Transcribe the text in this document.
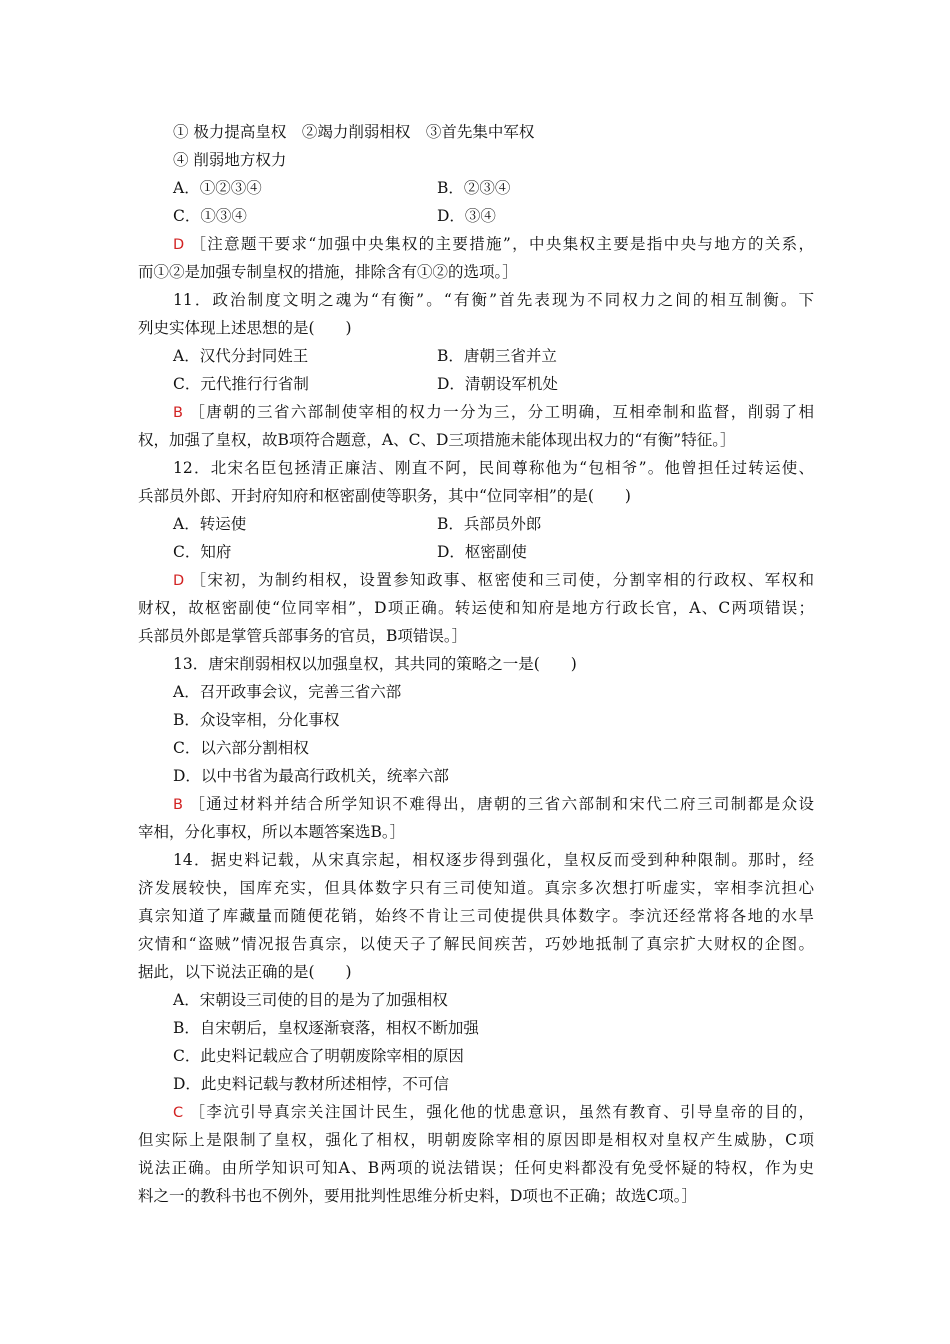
① 极力提高皇权　②竭力削弱相权　③首先集中军权
④ 削弱地方权力
A．①②③④	B．②③④
C．①③④	D．③④
D ［注意题干要求“加强中央集权的主要措施”，中央集权主要是指中央与地方的关系，
而①②是加强专制皇权的措施，排除含有①②的选项。］
11．政治制度文明之魂为“有衡”。“有衡”首先表现为不同权力之间的相互制衡。下
列史实体现上述思想的是(　　)
A．汉代分封同姓王	B．唐朝三省并立
C．元代推行行省制	D．清朝设军机处
B ［唐朝的三省六部制使宰相的权力一分为三，分工明确，互相牵制和监督，削弱了相
权，加强了皇权，故B项符合题意，A、C、D三项措施未能体现出权力的“有衡”特征。］
12．北宋名臣包拯清正廉洁、刚直不阿，民间尊称他为“包相爷”。他曾担任过转运使、
兵部员外郎、开封府知府和枢密副使等职务，其中“位同宰相”的是(　　)
A．转运使	B．兵部员外郎
C．知府	D．枢密副使
D ［宋初，为制约相权，设置参知政事、枢密使和三司使，分割宰相的行政权、军权和
财权，故枢密副使“位同宰相”，D项正确。转运使和知府是地方行政长官，A、C两项错误；
兵部员外郎是掌管兵部事务的官员，B项错误。］
13．唐宋削弱相权以加强皇权，其共同的策略之一是(　　)
A．召开政事会议，完善三省六部
B．众设宰相，分化事权
C．以六部分割相权
D．以中书省为最高行政机关，统率六部
B ［通过材料并结合所学知识不难得出，唐朝的三省六部制和宋代二府三司制都是众设
宰相，分化事权，所以本题答案选B。］
14．据史料记载，从宋真宗起，相权逐步得到强化，皇权反而受到种种限制。那时，经
济发展较快，国库充实，但具体数字只有三司使知道。真宗多次想打听虚实，宰相李沆担心
真宗知道了库藏量而随便花销，始终不肯让三司使提供具体数字。李沆还经常将各地的水旱
灾情和“盗贼”情况报告真宗，以使天子了解民间疾苦，巧妙地抵制了真宗扩大财权的企图。
据此，以下说法正确的是(　　)
A．宋朝设三司使的目的是为了加强相权
B．自宋朝后，皇权逐渐衰落，相权不断加强
C．此史料记载应合了明朝废除宰相的原因
D．此史料记载与教材所述相悖，不可信
C ［李沆引导真宗关注国计民生，强化他的忧患意识，虽然有教育、引导皇帝的目的，
但实际上是限制了皇权，强化了相权，明朝废除宰相的原因即是相权对皇权产生威胁，C项
说法正确。由所学知识可知A、B两项的说法错误；任何史料都没有免受怀疑的特权，作为史
料之一的教科书也不例外，要用批判性思维分析史料，D项也不正确；故选C项。］
